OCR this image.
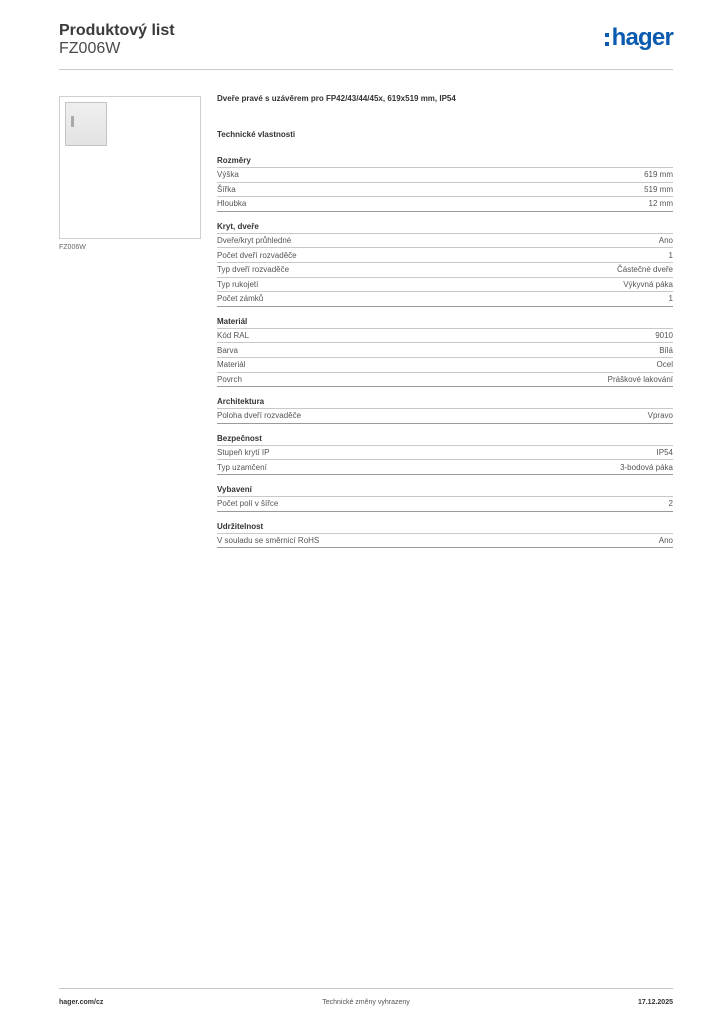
Produktový list
FZ006W	hager
FZ006W
Dveře pravé s uzávěrem pro FP42/43/44/45x, 619x519 mm, IP54
Technické vlastnosti
Rozměry
Výška	619 mm
Šířka	519 mm
Hloubka	12 mm
Kryt, dveře
Dveře/kryt průhledné	Ano
Počet dveří rozvaděče	1
Typ dveří rozvaděče	Částečné dveře
Typ rukojetí	Výkyvná páka
Počet zámků	1
Materiál
Kód RAL	9010
Barva	Bílá
Materiál	Ocel
Povrch	Práškové lakování
Architektura
Poloha dveří rozvaděče	Vpravo
Bezpečnost
Stupeň krytí IP	IP54
Typ uzamčení	3-bodová páka
Vybavení
Počet polí v šířce	2
Udržitelnost
V souladu se směrnicí RoHS	Ano
hager.com/cz	Technické změny vyhrazeny	17.12.2025
